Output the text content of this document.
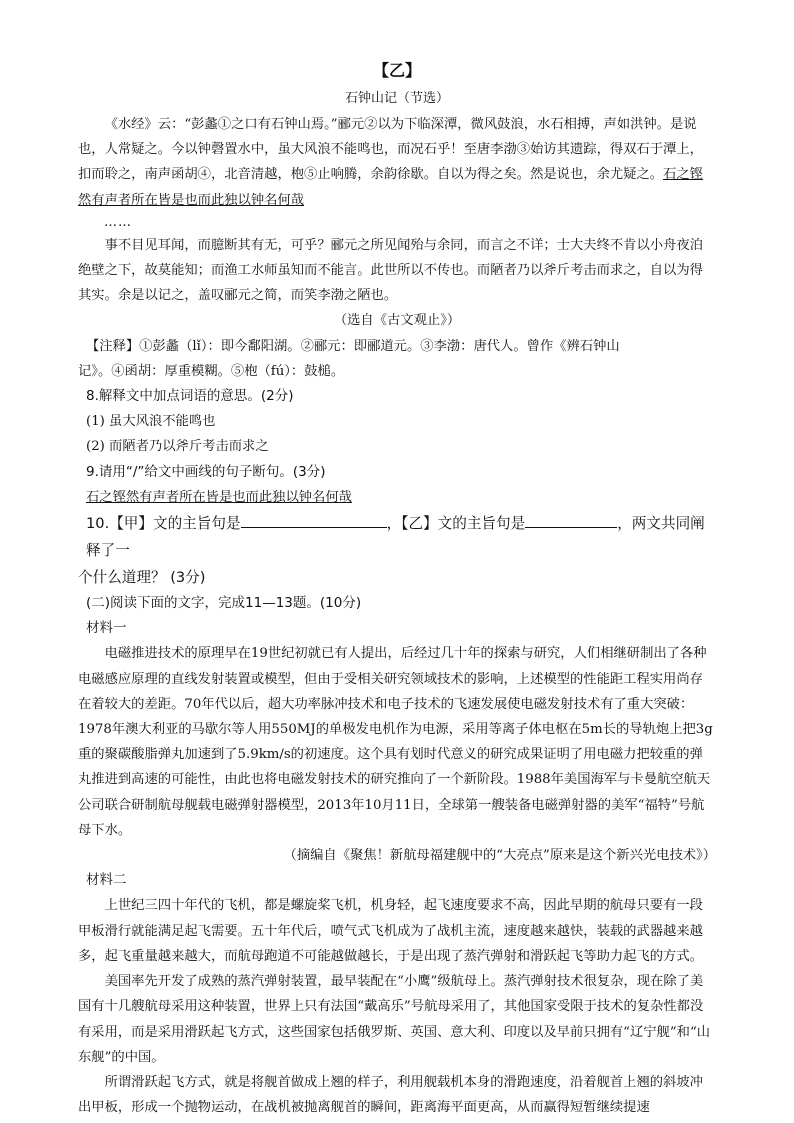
【乙】
石钟山记（节选）

《水经》云：“彭蠡①之口有石钟山焉。”郦元②以为下临深潭，微风鼓浪，水石相搏，声如洪钟。是说也，人常疑之。今以钟磬置水中，虽大风浪不能鸣也，而况石乎！至唐李渤③始访其遗踪，得双石于潭上，扣而聆之，南声函胡④，北音清越，枹⑤止响腾，余韵徐歇。自以为得之矣。然是说也，余尤疑之。石之铿然有声者所在皆是也而此独以钟名何哉

……

事不目见耳闻，而臆断其有无，可乎？郦元之所见闻殆与余同，而言之不详；士大夫终不肯以小舟夜泊绝壁之下，故莫能知；而渔工水师虽知而不能言。此世所以不传也。而陋者乃以斧斤考击而求之，自以为得其实。余是以记之，盖叹郦元之简，而笑李渤之陋也。

（选自《古文观止》）

【注释】①彭蠡（lǐ）：即今鄱阳湖。②郦元：即郦道元。③李渤：唐代人。曾作《辨石钟山

记》。④函胡：厚重模糊。⑤枹（fú）：鼓槌。

8.解释文中加点词语的意思。(2分)

(1) 虽大风浪不能鸣也

(2) 而陋者乃以斧斤考击而求之

9.请用“/”给文中画线的句子断句。(3分)

石之铿然有声者所在皆是也而此独以钟名何哉

10.【甲】文的主旨句是	，【乙】文的主旨句是	，两文共同阐释了一

个什么道理？ (3分)

(二)阅读下面的文字，完成11—13题。(10分)

材料一

电磁推进技术的原理早在19世纪初就已有人提出，后经过几十年的探索与研究，人们相继研制出了各种电磁感应原理的直线发射装置或模型，但由于受相关研究领域技术的影响，上述模型的性能距工程实用尚存在着较大的差距。70年代以后，超大功率脉冲技术和电子技术的飞速发展使电磁发射技术有了重大突破：1978年澳大利亚的马歇尔等人用550MJ的单极发电机作为电源，采用等离子体电枢在5m长的导轨炮上把3g重的聚碳酸脂弹丸加速到了5.9km/s的初速度。这个具有划时代意义的研究成果证明了用电磁力把较重的弹丸推进到高速的可能性，由此也将电磁发射技术的研究推向了一个新阶段。1988年美国海军与卡曼航空航天公司联合研制航母舰载电磁弹射器模型，2013年10月11日，全球第一艘装备电磁弹射器的美军“福特”号航母下水。

（摘编自《聚焦！新航母福建舰中的“大亮点”原来是这个新兴光电技术》）

材料二

上世纪三四十年代的飞机，都是螺旋桨飞机，机身轻，起飞速度要求不高，因此早期的航母只要有一段甲板滑行就能满足起飞需要。五十年代后，喷气式飞机成为了战机主流，速度越来越快，装载的武器越来越多，起飞重量越来越大，而航母跑道不可能越做越长，于是出现了蒸汽弹射和滑跃起飞等助力起飞的方式。

美国率先开发了成熟的蒸汽弹射装置，最早装配在“小鹰”级航母上。蒸汽弹射技术很复杂，现在除了美国有十几艘航母采用这种装置，世界上只有法国“戴高乐”号航母采用了，其他国家受限于技术的复杂性都没有采用，而是采用滑跃起飞方式，这些国家包括俄罗斯、英国、意大利、印度以及早前只拥有“辽宁舰”和“山东舰”的中国。

所谓滑跃起飞方式，就是将舰首做成上翘的样子，利用舰载机本身的滑跑速度，沿着舰首上翘的斜坡冲出甲板，形成一个抛物运动，在战机被抛离舰首的瞬间，距离海平面更高，从而赢得短暂继续提速
